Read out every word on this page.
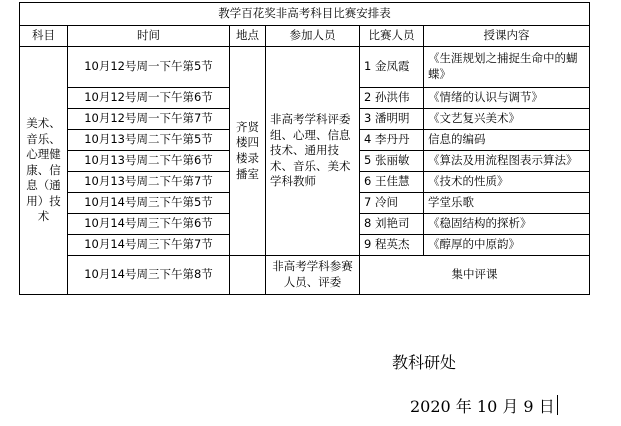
教学百花奖非高考科目比赛安排表					
科目	时间	地点	参加人员	比赛人员	授课内容
美术、音乐、心理健康、信息（通用）技术	10月12号周一下午第5节	齐贤楼四楼录播室	非高考学科评委组、心理、信息技术、通用技术、音乐、美术学科教师	1 金凤霞	《生涯规划之捕捉生命中的蝴蝶》
	10月12号周一下午第6节			2 孙洪伟	《情绪的认识与调节》
	10月12号周一下午第7节			3 潘明明	《文艺复兴美术》
	10月13号周二下午第5节			4 李丹丹	信息的编码
	10月13号周二下午第6节			5 张丽敏	《算法及用流程图表示算法》
	10月13号周二下午第7节			6 王佳慧	《技术的性质》
	10月14号周三下午第5节			7 冷间	学堂乐歌
	10月14号周三下午第6节			8 刘艳司	《稳固结构的探析》
	10月14号周三下午第7节			9 程英杰	《醇厚的中原韵》
	10月14号周三下午第8节		非高考学科参赛人员、评委	集中评课	
教科研处
2020 年 10 月 9 日
